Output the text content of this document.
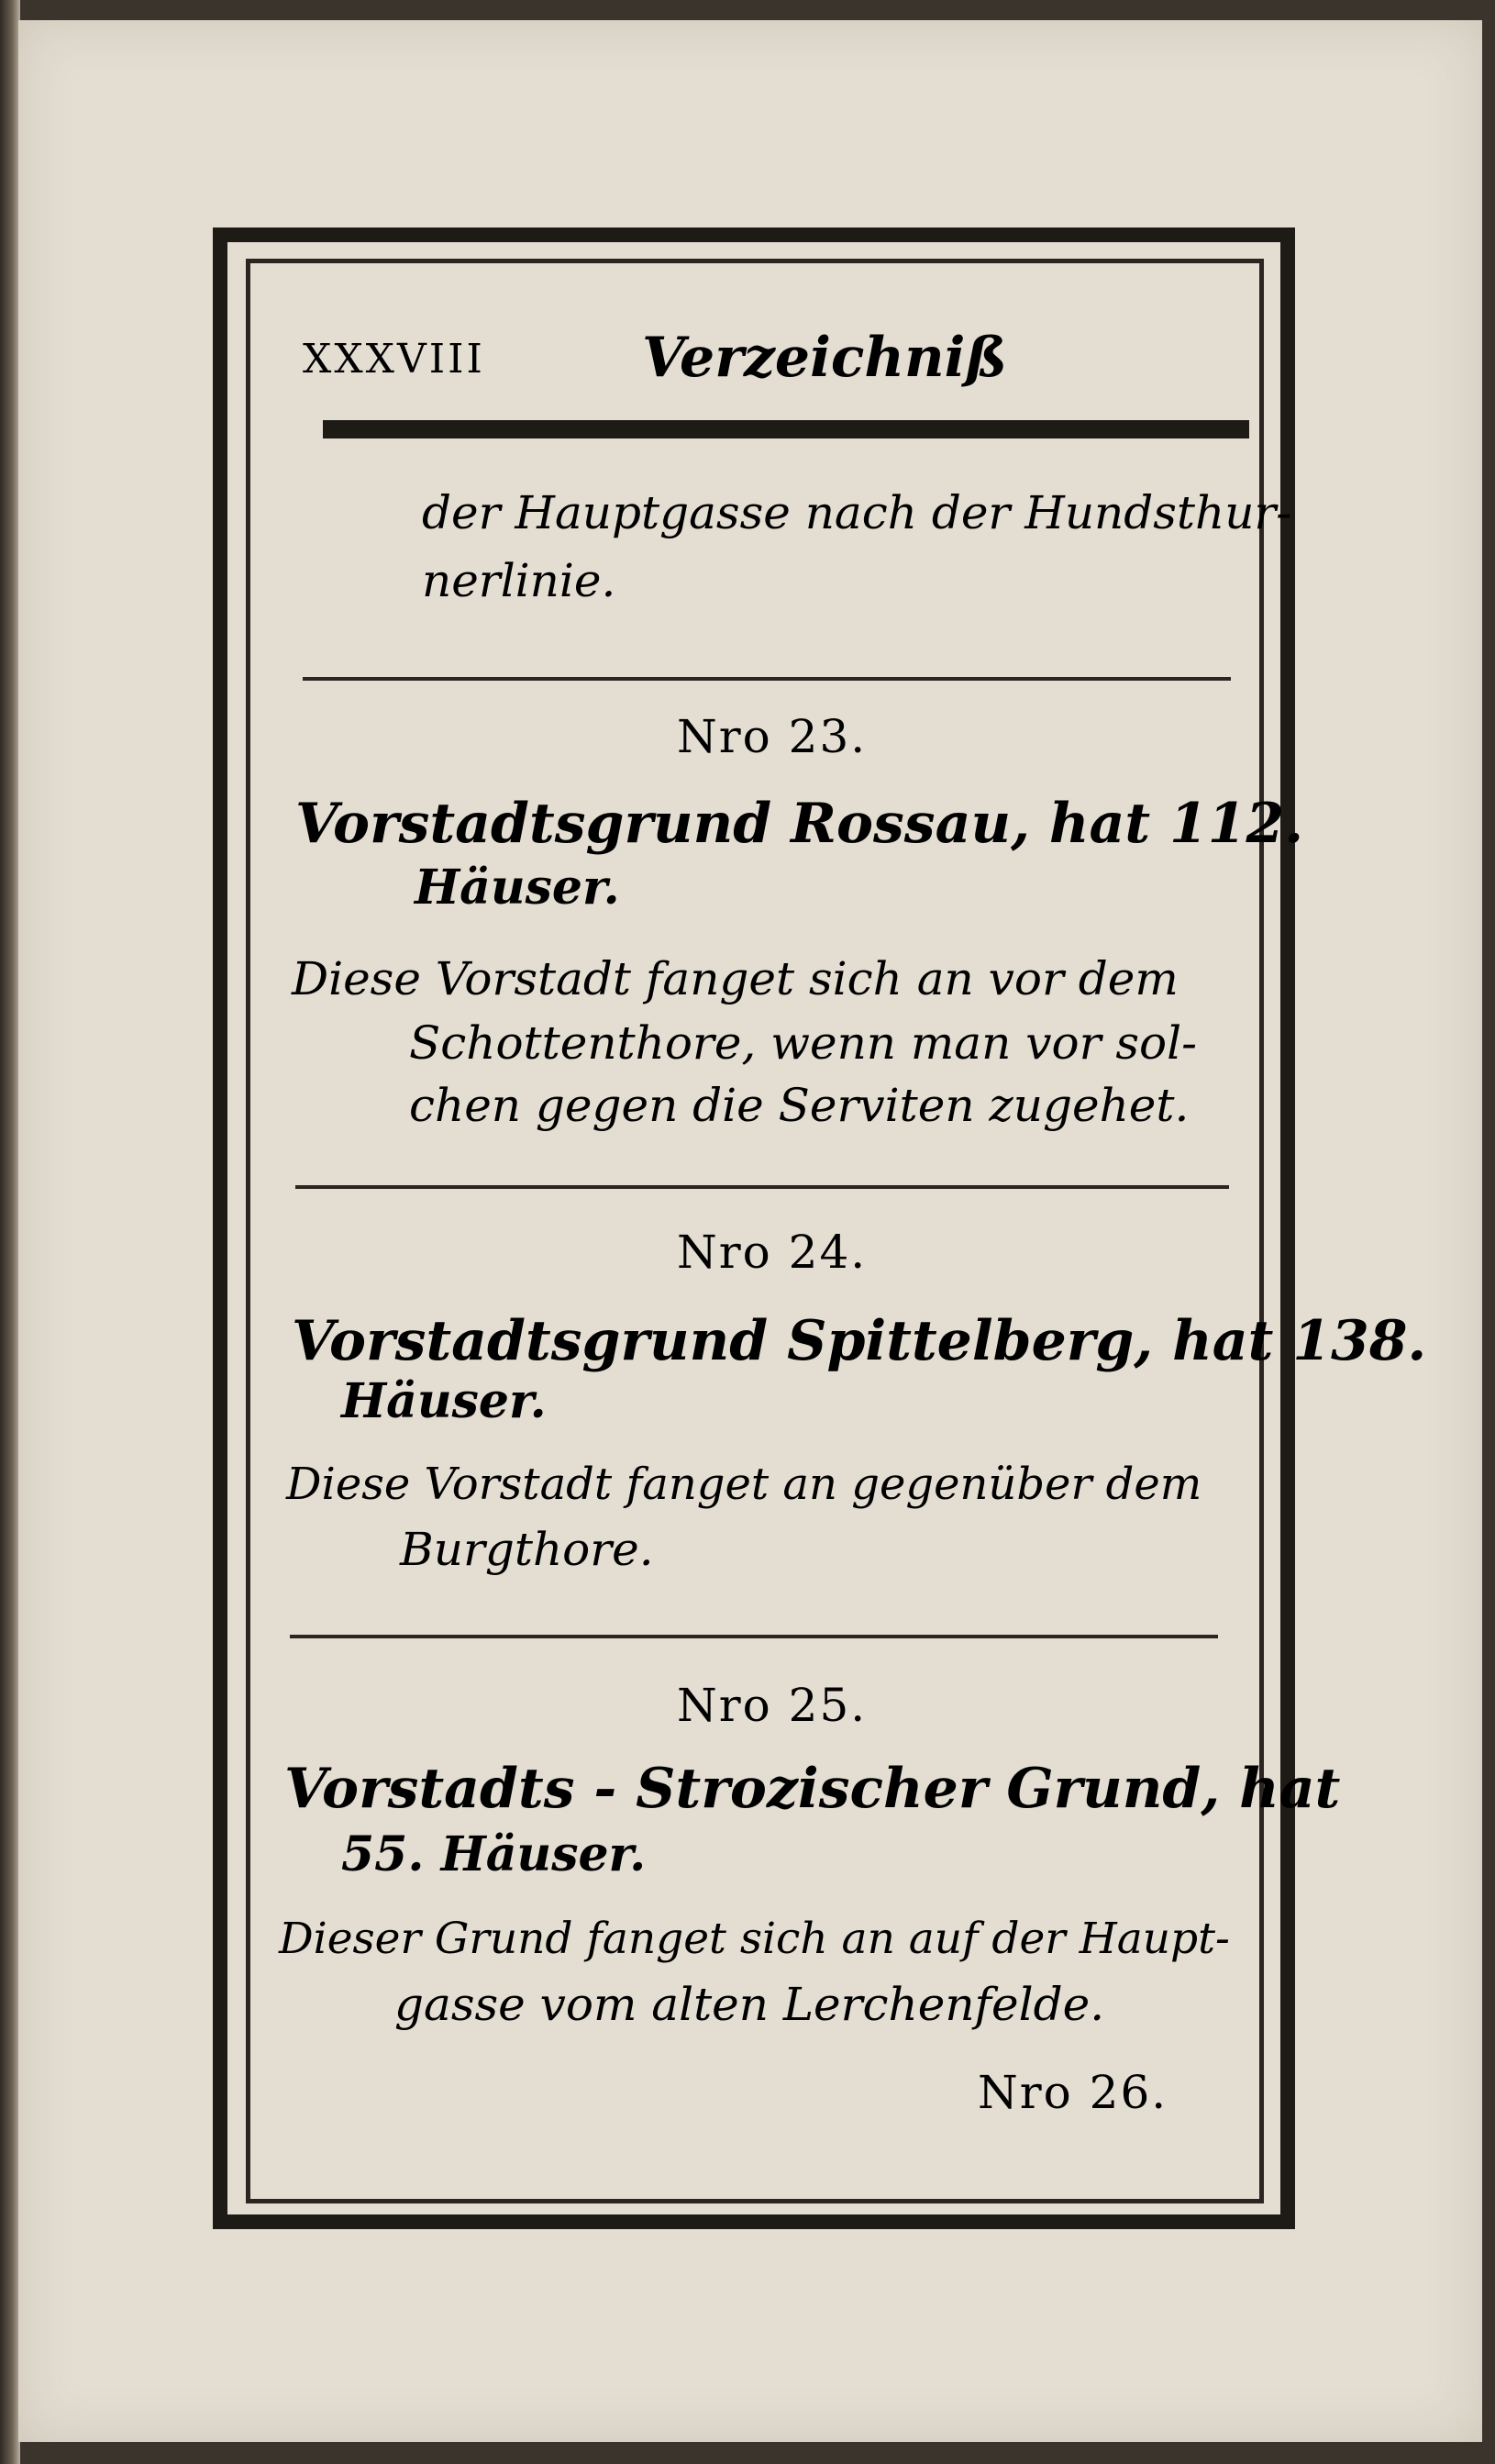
XXXVIII	Verzeichniß
der Hauptgasse nach der Hundsthur-
nerlinie.
Nro 23.
Vorstadtsgrund Rossau, hat 112.
Häuser.
Diese Vorstadt fanget sich an vor dem
Schottenthore, wenn man vor sol-
chen gegen die Serviten zugehet.
Nro 24.
Vorstadtsgrund Spittelberg, hat 138.
Häuser.
Diese Vorstadt fanget an gegenüber dem
Burgthore.
Nro 25.
Vorstadts - Strozischer Grund, hat
55. Häuser.
Dieser Grund fanget sich an auf der Haupt-
gasse vom alten Lerchenfelde.
Nro 26.
